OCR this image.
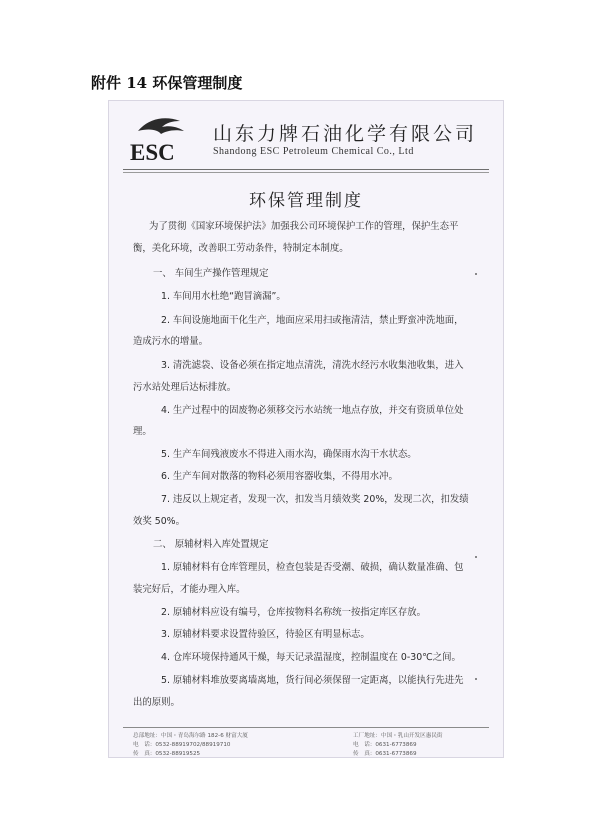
附件 14 环保管理制度
ESC
山东力牌石油化学有限公司
Shandong ESC Petroleum Chemical Co., Ltd
环保管理制度
为了贯彻《国家环境保护法》加强我公司环境保护工作的管理，保护生态平
衡，美化环境，改善职工劳动条件，特制定本制度。
一、 车间生产操作管理规定
1. 车间用水杜绝“跑冒滴漏”。
2. 车间设施地面干化生产，地面应采用扫或拖清洁，禁止野蛮冲洗地面，
造成污水的增量。
3. 清洗滤袋、设备必须在指定地点清洗，清洗水经污水收集池收集，进入
污水站处理后达标排放。
4. 生产过程中的固废物必须移交污水站统一地点存放，并交有资质单位处
理。
5. 生产车间残液废水不得进入雨水沟，确保雨水沟干水状态。
6. 生产车间对散落的物料必须用容器收集，不得用水冲。
7. 违反以上规定者，发现一次，扣发当月绩效奖 20%，发现二次，扣发绩
效奖 50%。
二、 原辅材料入库处置规定
1. 原辅材料有仓库管理员，检查包装是否受潮、破损，确认数量准确、包
装完好后，才能办理入库。
2. 原辅材料应设有编号，仓库按物料名称统一按指定库区存放。
3. 原辅材料要求设置待验区，待验区有明显标志。
4. 仓库环境保持通风干燥，每天记录温湿度，控制温度在 0-30℃之间。
5. 原辅材料堆放要离墙离地，货行间必须保留一定距离，以能执行先进先
出的原则。
总部地址：中国・青岛海尔路 182-6 财富大厦
电　话：0532-88919702/88919710
传　真：0532-88919525
工厂地址：中国・乳山开发区惠民街
电　话：0631-6773869
传　真：0631-6773869
